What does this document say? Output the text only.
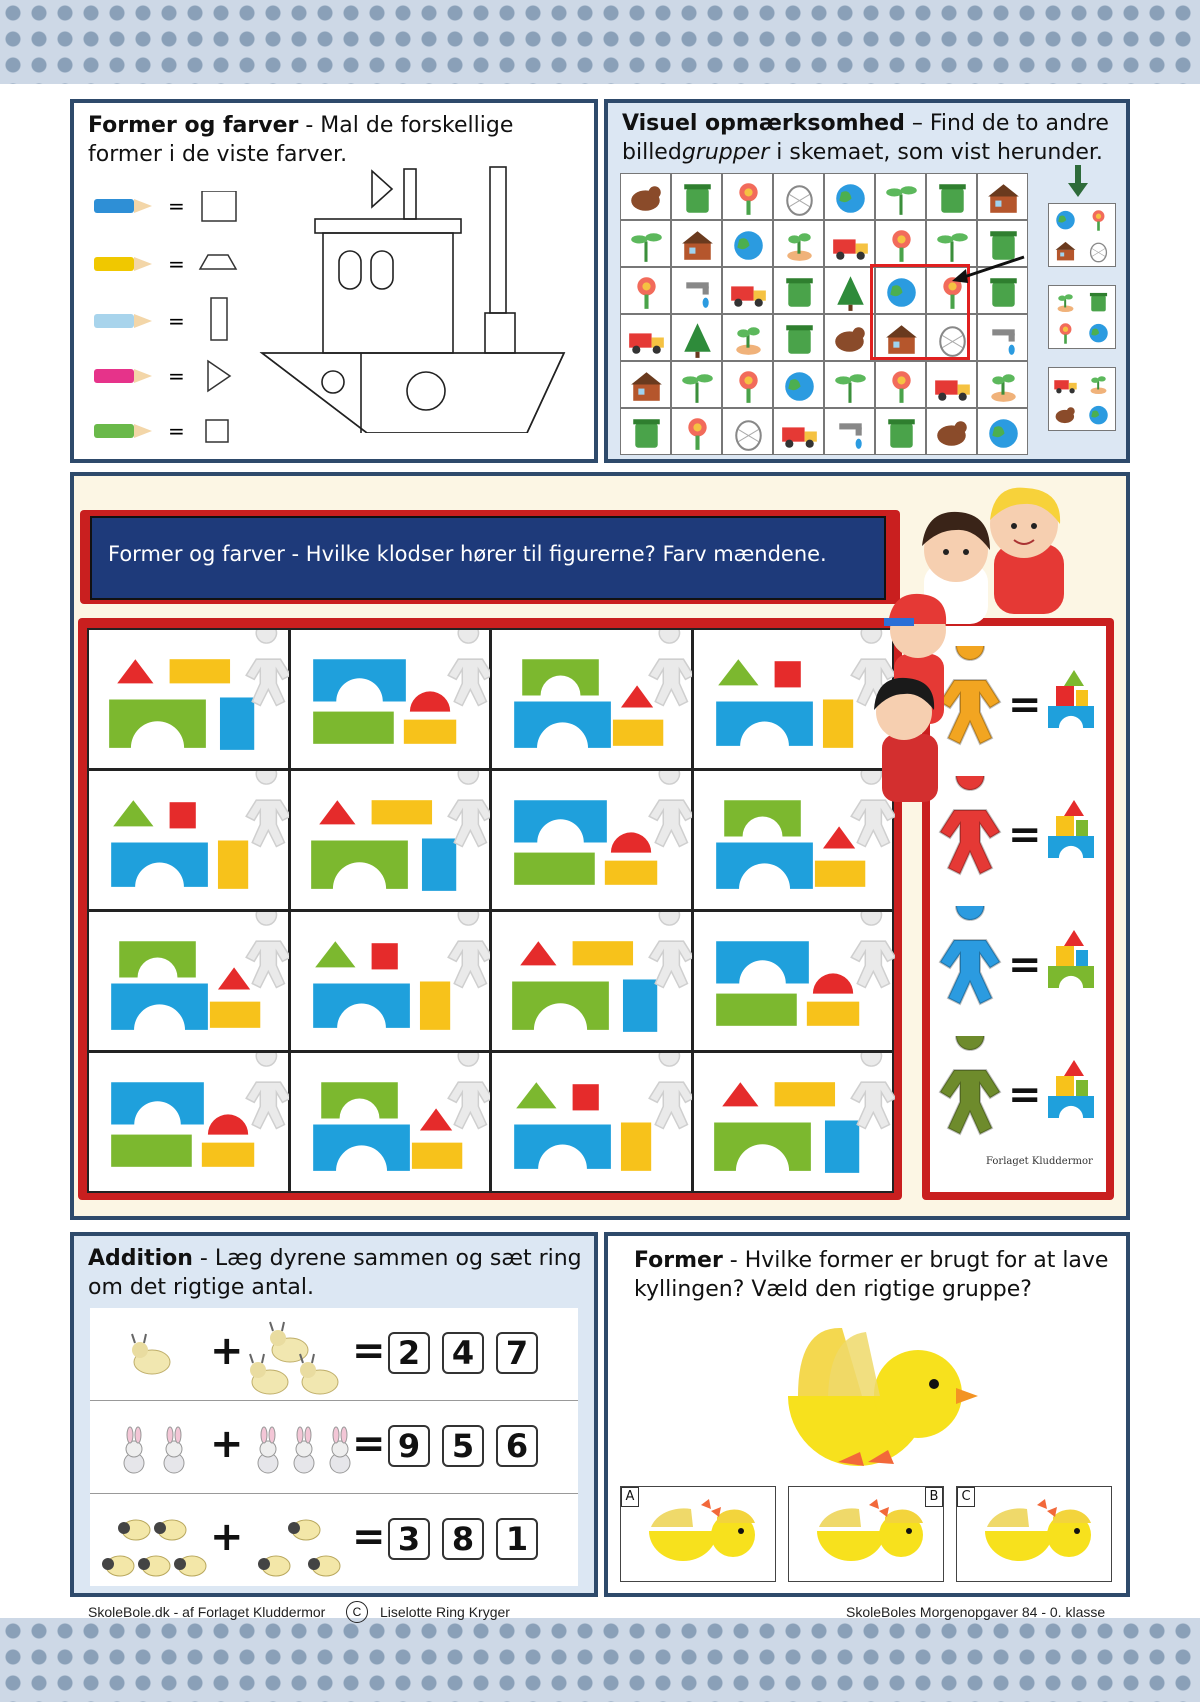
Former og farver - Mal de forskellige former i de viste farver.
=
=
=
=
=
Visuel opmærksomhed – Find de to andre billedgrupper i skemaet, som vist herunder.
Former og farver - Hvilke klodser hører til figurerne? Farv mændene.
=
=
=
=
Forlaget Kluddermor
Addition - Læg dyrene sammen og sæt ring om det rigtige antal.
+	= 2 4 7
+	= 9 5 6
+	= 3 8 1
Former - Hvilke former er brugt for at lave kyllingen? Væld den rigtige gruppe?
A	B	C
SkoleBole.dk - af Forlaget Kluddermor	C	Liselotte Ring Kryger	SkoleBoles Morgenopgaver 84 - 0. klasse
